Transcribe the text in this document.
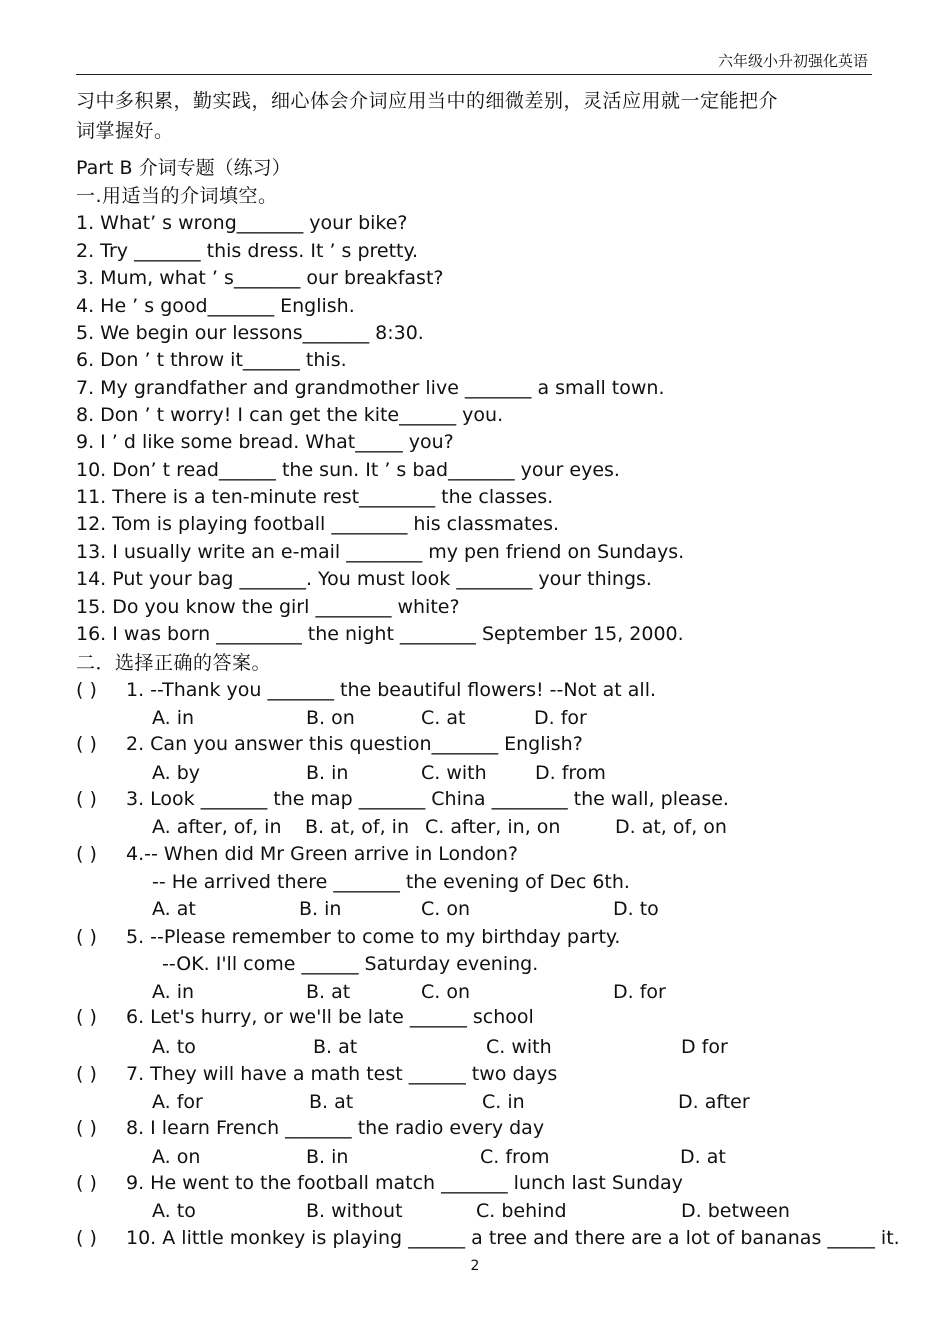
六年级小升初强化英语
习中多积累，勤实践，细心体会介词应用当中的细微差别，灵活应用就一定能把介
词掌握好。
Part B 介词专题（练习）
一.用适当的介词填空。
1. What’ s wrong_______ your bike?
2. Try _______ this dress. It ’ s pretty.
3. Mum, what ’ s_______ our breakfast?
4. He ’ s good_______ English.
5. We begin our lessons_______ 8:30.
6. Don ’ t throw it______ this.
7. My grandfather and grandmother live _______ a small town.
8. Don ’ t worry! I can get the kite______ you.
9. I ’ d like some bread. What_____ you?
10. Don’ t read______ the sun. It ’ s bad_______ your eyes.
11. There is a ten-minute rest________ the classes.
12. Tom is playing football ________ his classmates.
13. I usually write an e-mail ________ my pen friend on Sundays.
14. Put your bag _______. You must look ________ your things.
15. Do you know the girl ________ white?
16. I was born _________ the night ________ September 15, 2000.
二．选择正确的答案。
( ) 1. --Thank you _______ the beautiful flowers! --Not at all.
A. in	B. on	C. at	D. for
( ) 2. Can you answer this question_______ English?
A. by	B. in	C. with	D. from
( ) 3. Look _______ the map _______ China ________ the wall, please.
A. after, of, in B. at, of, in C. after, in, on	D. at, of, on
( ) 4.-- When did Mr Green arrive in London?
-- He arrived there _______ the evening of Dec 6th.
A. at	B. in	C. on	D. to
( ) 5. --Please remember to come to my birthday party.
--OK. I'll come ______ Saturday evening.
A. in	B. at	C. on	D. for
( ) 6. Let's hurry, or we'll be late ______ school
A. to	B. at	C. with	D for
( ) 7. They will have a math test ______ two days
A. for	B. at	C. in	D. after
( ) 8. I learn French _______ the radio every day
A. on	B. in	C. from	D. at
( ) 9. He went to the football match _______ lunch last Sunday
A. to	B. without	C. behind	D. between
( ) 10. A little monkey is playing ______ a tree and there are a lot of bananas _____ it.
2
